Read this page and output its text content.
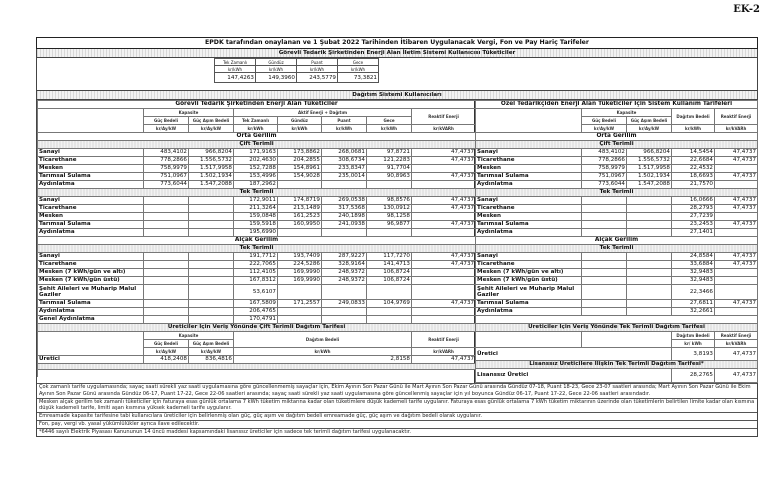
EK-2
EPDK tarafından onaylanan ve 1 Şubat 2022 Tarihinden İtibaren Uygulanacak Vergi, Fon ve Pay Hariç Tarifeler
Görevli Tedarik Şirketinden Enerji Alan İletim Sistemi Kullanıcısı Tüketiciler
Tek Zamanlı	Gündüz	Puant	Gece
kr/kWh	kr/kWh	kr/kWh	kr/kWh
147,4263	149,3960	243,5779	73,3821
Dağıtım Sistemi Kullanıcıları
Görevli Tedarik Şirketinden Enerji Alan Tüketiciler							
	Kapasite		Aktif Enerji + Dağıtım				Reaktif Enerji
	Güç Bedeli	Güç Aşım Bedeli	Tek Zamanlı	Gündüz	Puant	Gece	
	kr/Ay/kW	kr/Ay/kW	kr/kWh	kr/kWh	kr/kWh	kr/kWh	kr/kVARh
Orta Gerilim							
Çift Terimli							
Sanayi	483,4102	966,8204	171,9163	173,8862	268,0681	97,8721	47,4737
Ticarethane	778,2866	1.556,5732	202,4630	204,2855	308,6734	121,2283	47,4737
Mesken	758,9979	1.517,9958	152,7288	154,8961	233,8347	91,7704	
Tarımsal Sulama	751,0967	1.502,1934	153,4996	154,9028	235,0014	90,8963	47,4737
Aydınlatma	773,6044	1.547,2088	187,2962				
Tek Terimli							
Sanayi			172,9011	174,8719	269,0538	98,8576	47,4737
Ticarethane			211,3264	213,1489	317,5368	130,0912	47,4737
Mesken			159,0848	161,2523	240,1898	98,1258	
Tarımsal Sulama			159,5918	160,9950	241,0938	96,9877	47,4737
Aydınlatma			195,6990				
Alçak Gerilim							
Tek Terimli							
Sanayi			191,7712	193,7409	287,9227	117,7270	47,4737
Ticarethane			222,7065	224,5286	328,9164	141,4713	47,4737
Mesken (7 kWh/gün ve altı)			112,4105	169,9990	248,9372	106,8724	
Mesken (7 kWh/gün üstü)			167,8312	169,9990	248,9372	106,8724	
Şehit Aileleri ve Muharip Malul Gaziler			53,6107				
Tarımsal Sulama			167,5809	171,2557	249,0833	104,9769	47,4737
Aydınlatma			206,4765				
Genel Aydınlatma			170,4791				
Üreticiler İçin Veriş Yönünde Çift Terimli Dağıtım Tarifesi							
	Kapasite		Dağıtım Bedeli				Reaktif Enerji
	Güç Bedeli	Güç Aşım Bedeli					
	kr/Ay/kW	kr/Ay/kW	kr/kWh				kr/kVARh
Üretici	418,2408	836,4816	2,8158				47,4737

Özel Tedarikçiden Enerji Alan Tüketiciler İçin Sistem Kullanım Tarifeleri				
	Kapasite		Dağıtım Bedeli	Reaktif Enerji
	Güç Bedeli	Güç Aşım Bedeli		
	kr/Ay/kW	kr/Ay/kW	kr/kWh	kr/kVARh
Orta Gerilim				
Çift Terimli				
Sanayi	483,4102	966,8204	14,5454	47,4737
Ticarethane	778,2866	1.556,5732	22,6684	47,4737
Mesken	758,9979	1.517,9958	22,4532	
Tarımsal Sulama	751,0967	1.502,1934	18,6693	47,4737
Aydınlatma	773,6044	1.547,2088	21,7570	
Tek Terimli				
Sanayi			16,0666	47,4737
Ticarethane			28,2793	47,4737
Mesken			27,7239	
Tarımsal Sulama			23,2453	47,4737
Aydınlatma			27,1401	
Alçak Gerilim				
Tek Terimli				
Sanayi			24,8584	47,4737
Ticarethane			33,6884	47,4737
Mesken (7 kWh/gün ve altı)			32,9483	
Mesken (7 kWh/gün üstü)			32,9483	
Şehit Aileleri ve Muharip Malul Gaziler			22,3466	
Tarımsal Sulama			27,6811	47,4737
Aydınlatma			32,2661	

Üreticiler İçin Veriş Yönünde Tek Terimli Dağıtım Tarifesi				
			Dağıtım Bedeli	Reaktif Enerji
			kr/ kWh	kr/kVARh
Üretici			3,8193	47,4737
Lisanssız Üreticilere İlişkin Tek Terimli Dağıtım Tarifesi*				
Lisanssız Üretici			28,2765	47,4737
Çok zamanlı tarife uygulamasında; sayaç saati sürekli yaz saati uygulamasına göre güncellenmemiş sayaçlar için, Ekim Ayının Son Pazar Günü ile Mart Ayının Son Pazar Günü arasında Gündüz 07-18, Puant 18-23, Gece 23-07 saatleri arasında; Mart Ayının Son Pazar Günü ile Ekim Ayının Son Pazar Günü arasında Gündüz 06-17, Puant 17-22, Gece 22-06 saatleri arasında; sayaç saati sürekli yaz saati uygulamasına göre güncellenmiş sayaçlar için yıl boyunca Gündüz 06-17, Puant 17-22, Gece 22-06 saatleri arasındadır.
Mesken alçak gerilim tek zamanlı tüketiciler için faturaya esas günlük ortalama 7 kWh tüketim miktarına kadar olan tüketimlere düşük kademeli tarife uygulanır. Faturaya esas günlük ortalama 7 kWh tüketim miktarının üzerinde olan tüketimlerin belirtilen limite kadar olan kısmına düşük kademeli tarife, limiti aşan kısmına yüksek kademeli tarife uygulanır.
Emreamade kapasite tarifesine tabi kullanıcılara üreticiler için belirlenmiş olan güç, güç aşım ve dağıtım bedeli emreamade güç, güç aşım ve dağıtım bedeli olarak uygulanır.
Fon, pay, vergi vb. yasal yükümlülükler ayrıca ilave edilecektir.
*6446 sayılı Elektrik Piyasası Kanununun 14 üncü maddesi kapsamındaki lisanssız üreticiler için sadece tek terimli dağıtım tarifesi uygulanacaktır.
